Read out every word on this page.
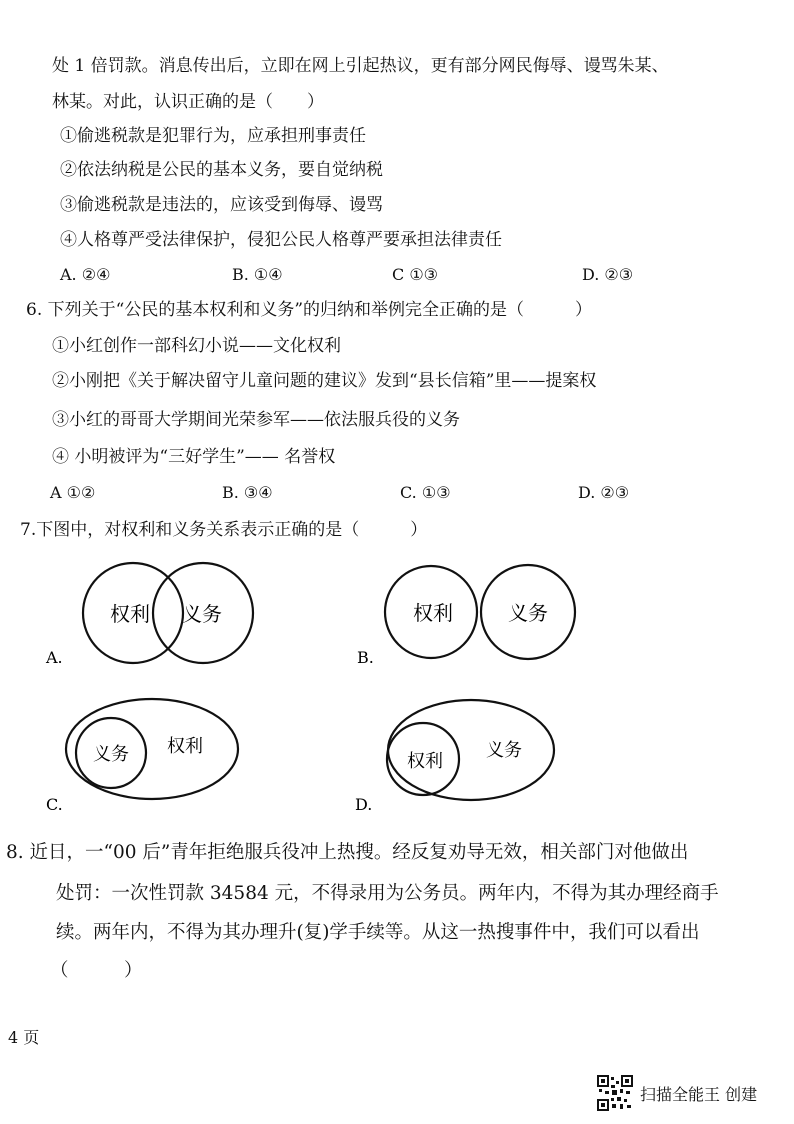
处 1 倍罚款。消息传出后，立即在网上引起热议，更有部分网民侮辱、谩骂朱某、
林某。对此，认识正确的是（　　）
①偷逃税款是犯罪行为，应承担刑事责任
②依法纳税是公民的基本义务，要自觉纳税
③偷逃税款是违法的，应该受到侮辱、谩骂
④人格尊严受法律保护，侵犯公民人格尊严要承担法律责任
A. ②④	B. ①④	C ①③	D. ②③
6. 下列关于“公民的基本权利和义务”的归纳和举例完全正确的是（　　　）
①小红创作一部科幻小说——文化权利
②小刚把《关于解决留守儿童问题的建议》发到“县长信箱”里——提案权
③小红的哥哥大学期间光荣参军——依法服兵役的义务
④ 小明被评为“三好学生”—— 名誉权
A ①②	B. ③④	C. ①③	D. ②③
7.下图中，对权利和义务关系表示正确的是（　　　）
权利 义务
A.
权利	义务
B.
义务 权利
C.
权利
义务
D.
8. 近日，一“00 后”青年拒绝服兵役冲上热搜。经反复劝导无效，相关部门对他做出
处罚：一次性罚款 34584 元，不得录用为公务员。两年内，不得为其办理经商手
续。两年内，不得为其办理升(复)学手续等。从这一热搜事件中，我们可以看出
（　　　）
4 页
扫描全能王 创建
